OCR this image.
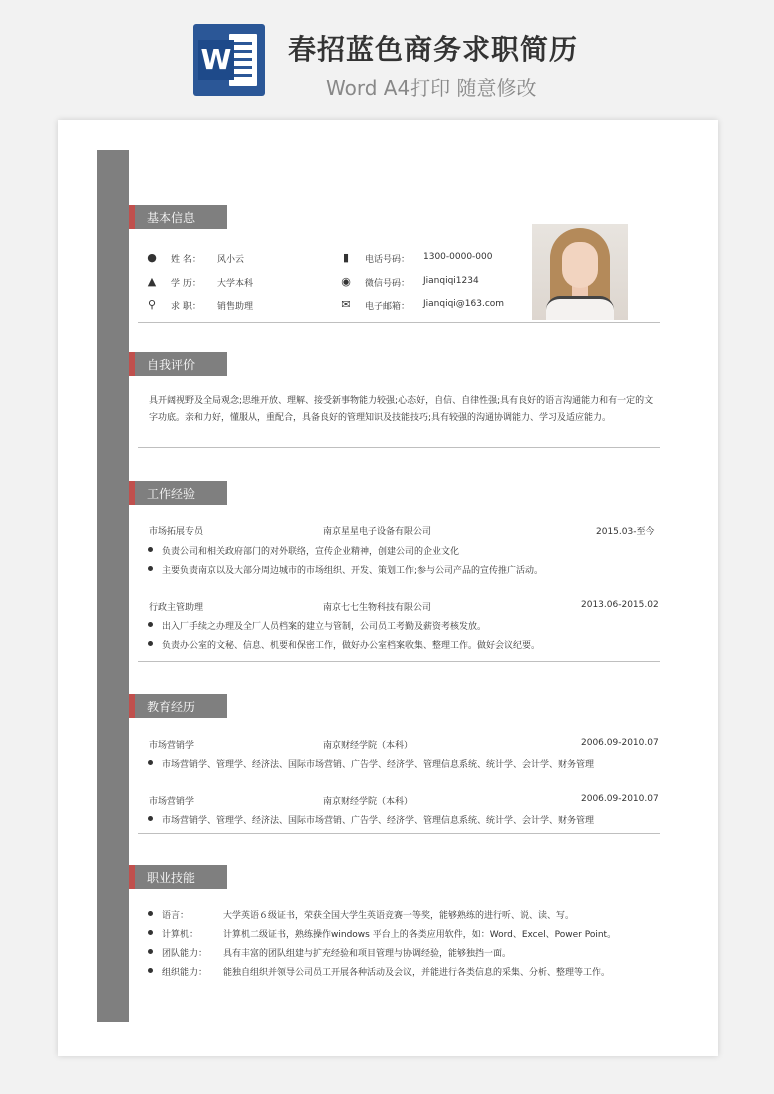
W 春招蓝色商务求职简历
Word A4打印 随意修改
基本信息
● 姓 名： 风小云
▲ 学 历： 大学本科
⚲ 求 职： 销售助理
▮	电话号码： 1300-0000-000
◉ 微信号码： Jianqiqi1234
✉ 电子邮箱： Jianqiqi@163.com
自我评价
具开阔视野及全局观念;思维开放、理解、接受新事物能力较强;心态好，自信、自律性强;具有良好的语言沟通能力和有一定的文字功底。亲和力好，懂服从，重配合，具备良好的管理知识及技能技巧;具有较强的沟通协调能力、学习及适应能力。
工作经验
市场拓展专员	南京星星电子设备有限公司	2015.03-至今
负责公司和相关政府部门的对外联络，宣传企业精神，创建公司的企业文化
主要负责南京以及大部分周边城市的市场组织、开发、策划工作;参与公司产品的宣传推广活动。
行政主管助理	南京七七生物科技有限公司	2013.06-2015.02
出入厂手续之办理及全厂人员档案的建立与管制，公司员工考勤及薪资考核发放。
负责办公室的文秘、信息、机要和保密工作，做好办公室档案收集、整理工作。做好会议纪要。
教育经历
市场营销学	南京财经学院（本科）	2006.09-2010.07
市场营销学、管理学、经济法、国际市场营销、广告学、经济学、管理信息系统、统计学、会计学、财务管理
市场营销学	南京财经学院（本科）	2006.09-2010.07
市场营销学、管理学、经济法、国际市场营销、广告学、经济学、管理信息系统、统计学、会计学、财务管理
职业技能
语言：	大学英语６级证书，荣获全国大学生英语竞赛一等奖，能够熟练的进行听、说、读、写。
计算机：	计算机二级证书，熟练操作windows 平台上的各类应用软件，如：Word、Excel、Power Point。
团队能力： 具有丰富的团队组建与扩充经验和项目管理与协调经验，能够独挡一面。
组织能力： 能独自组织并领导公司员工开展各种活动及会议，并能进行各类信息的采集、分析、整理等工作。
